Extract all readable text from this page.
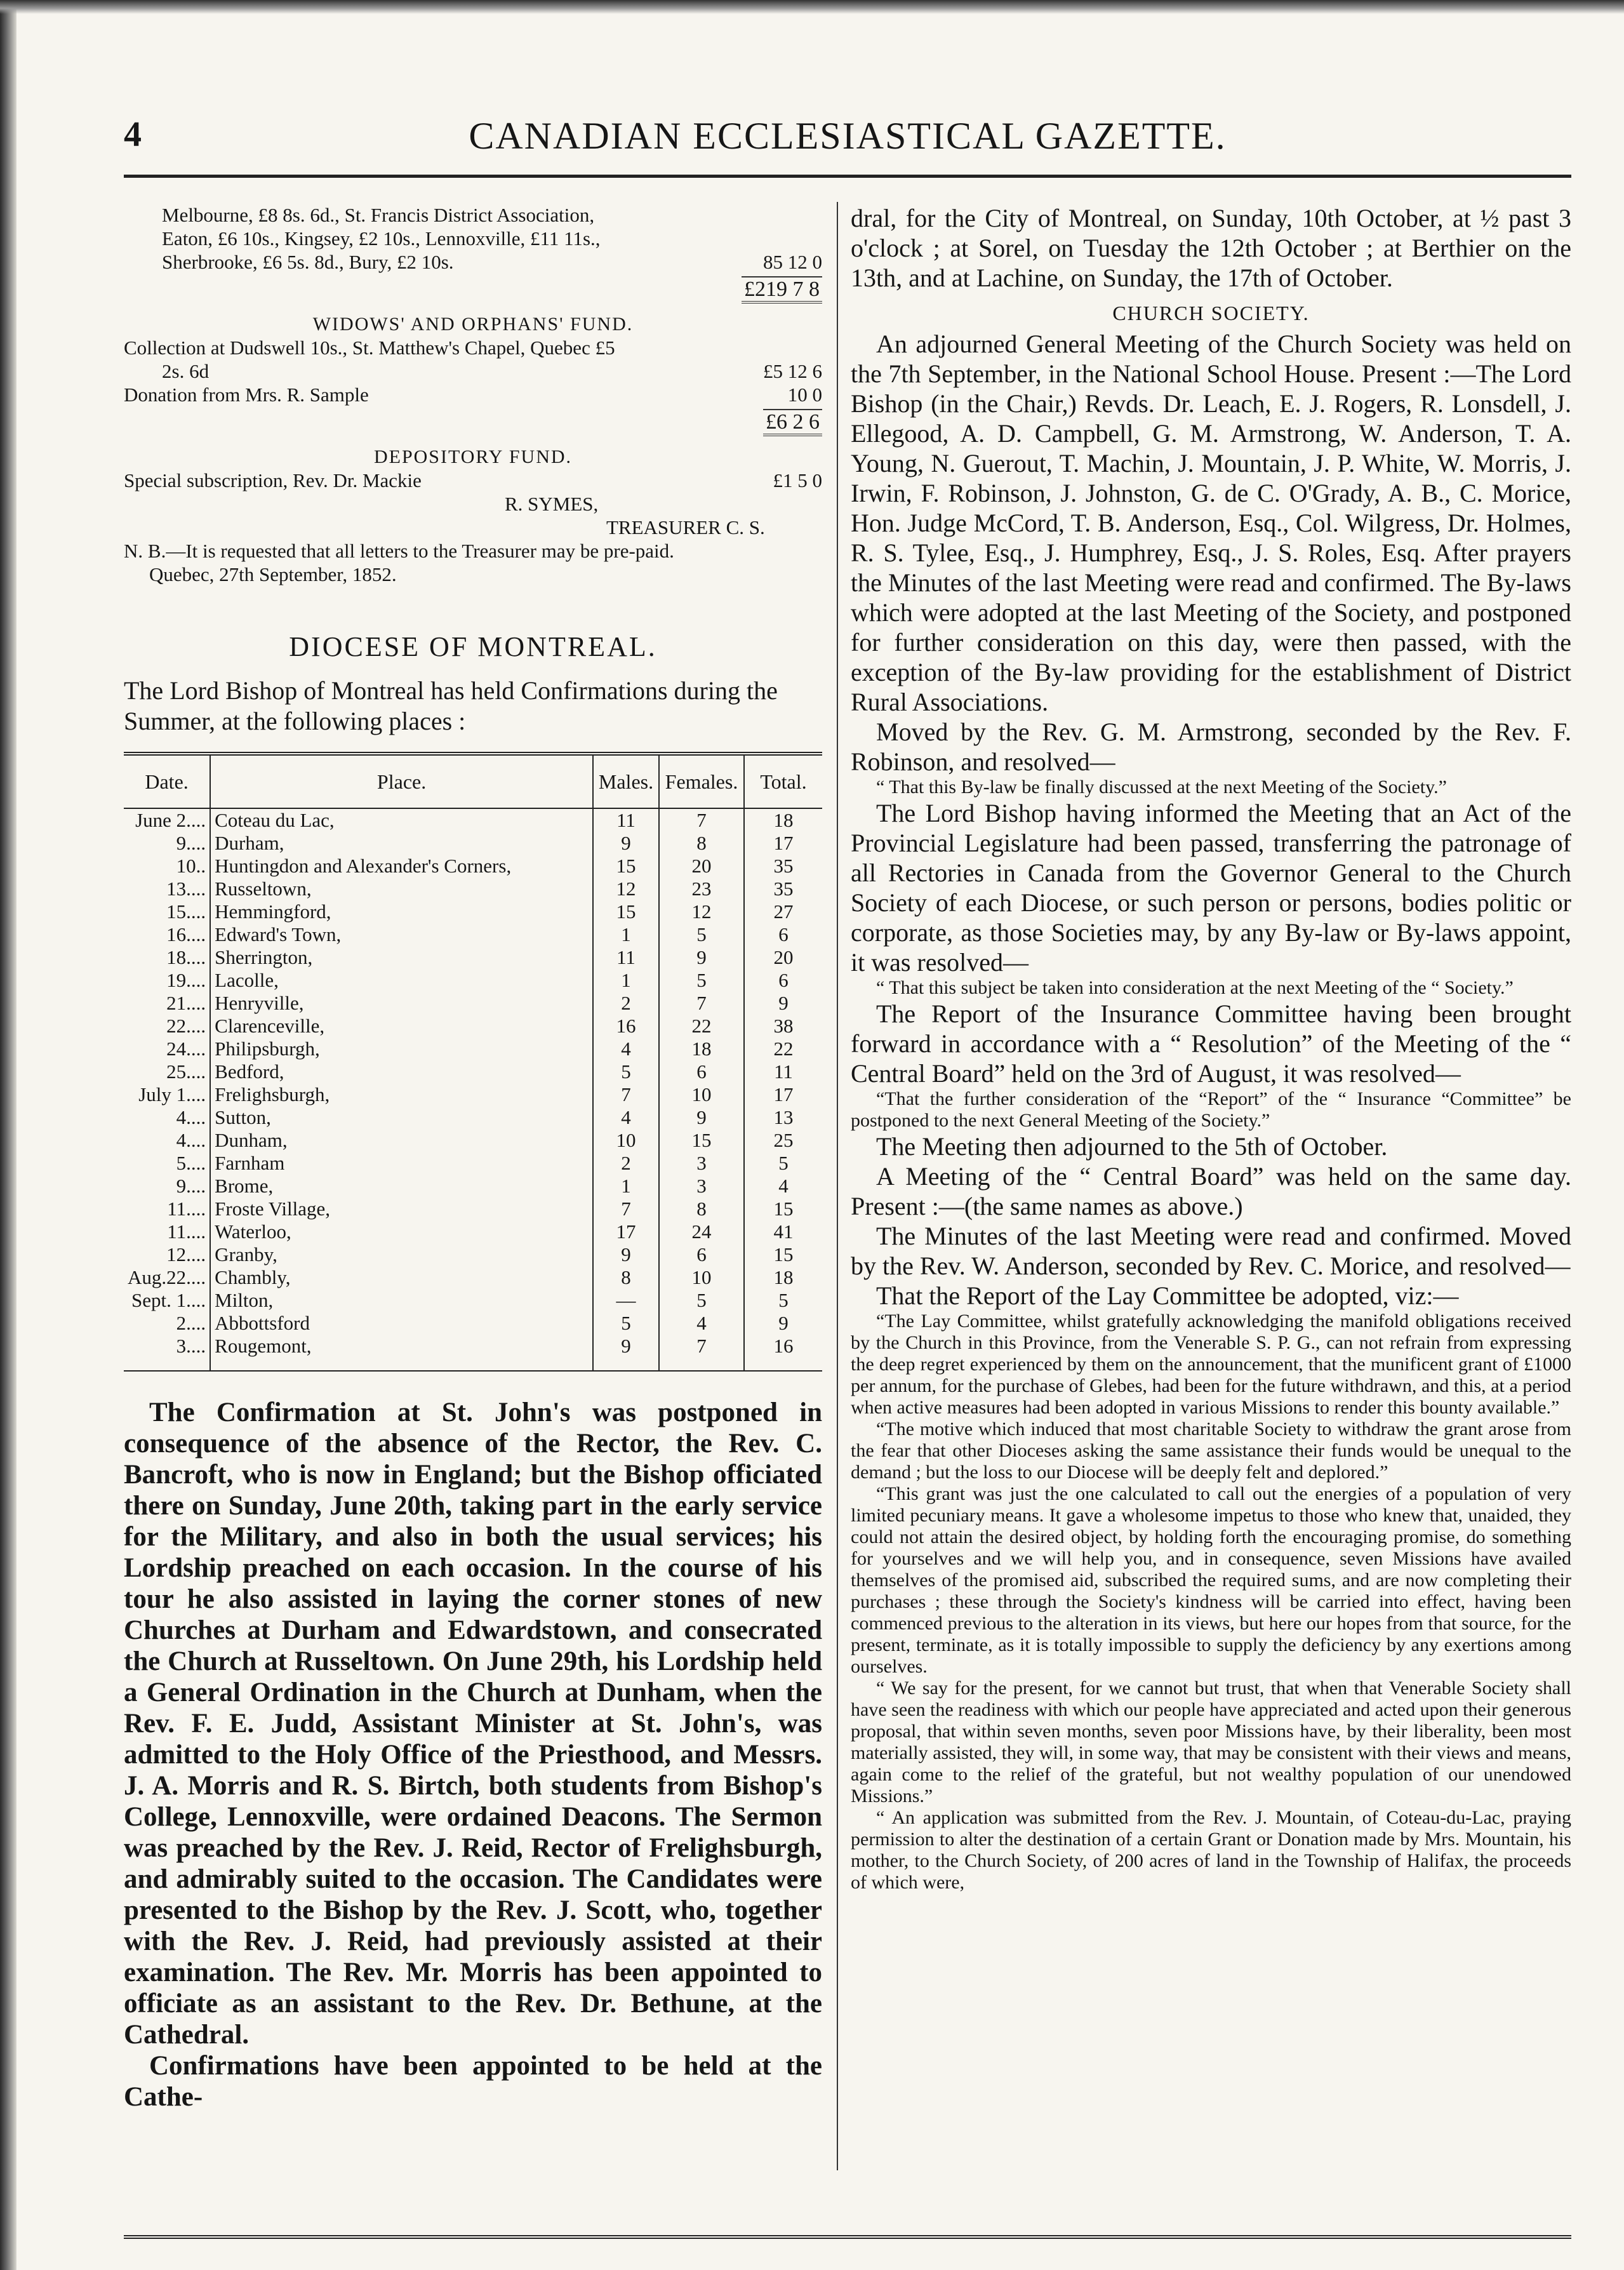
4	CANADIAN ECCLESIASTICAL GAZETTE.
Melbourne, £8 8s. 6d., St. Francis District Association,
Eaton, £6 10s., Kingsey, £2 10s., Lennoxville, £11 11s.,
Sherbrooke, £6 5s. 8d., Bury, £2 10s.	85 12 0
£219 7 8
WIDOWS' AND ORPHANS' FUND.
Collection at Dudswell 10s., St. Matthew's Chapel, Quebec £5
2s. 6d	£5 12 6
Donation from Mrs. R. Sample	10 0
£6 2 6
DEPOSITORY FUND.
Special subscription, Rev. Dr. Mackie	£1 5 0
R. SYMES,
TREASURER C. S.
N. B.—It is requested that all letters to the Treasurer may be pre-paid.
Quebec, 27th September, 1852.
DIOCESE OF MONTREAL.
The Lord Bishop of Montreal has held Confirmations during the Summer, at the following places :
Date.	Place.	Males.	Females.	Total.
June 2....	Coteau du Lac,	11	7	18
9....	Durham,	9	8	17
10..	Huntingdon and Alexander's Corners,	15	20	35
13....	Russeltown,	12	23	35
15....	Hemmingford,	15	12	27
16....	Edward's Town,	1	5	6
18....	Sherrington,	11	9	20
19....	Lacolle,	1	5	6
21....	Henryville,	2	7	9
22....	Clarenceville,	16	22	38
24....	Philipsburgh,	4	18	22
25....	Bedford,	5	6	11
July 1....	Frelighsburgh,	7	10	17
4....	Sutton,	4	9	13
4....	Dunham,	10	15	25
5....	Farnham	2	3	5
9....	Brome,	1	3	4
11....	Froste Village,	7	8	15
11....	Waterloo,	17	24	41
12....	Granby,	9	6	15
Aug.22....	Chambly,	8	10	18
Sept. 1....	Milton,	—	5	5
2....	Abbottsford	5	4	9
3....	Rougemont,	9	7	16
The Confirmation at St. John's was postponed in consequence of the absence of the Rector, the Rev. C. Bancroft, who is now in England; but the Bishop officiated there on Sunday, June 20th, taking part in the early service for the Military, and also in both the usual services; his Lordship preached on each occasion. In the course of his tour he also assisted in laying the corner stones of new Churches at Durham and Edwardstown, and consecrated the Church at Russeltown. On June 29th, his Lordship held a General Ordination in the Church at Dunham, when the Rev. F. E. Judd, Assistant Minister at St. John's, was admitted to the Holy Office of the Priesthood, and Messrs. J. A. Morris and R. S. Birtch, both students from Bishop's College, Lennoxville, were ordained Deacons. The Sermon was preached by the Rev. J. Reid, Rector of Frelighsburgh, and admirably suited to the occasion. The Candidates were presented to the Bishop by the Rev. J. Scott, who, together with the Rev. J. Reid, had previously assisted at their examination. The Rev. Mr. Morris has been appointed to officiate as an assistant to the Rev. Dr. Bethune, at the Cathedral.
Confirmations have been appointed to be held at the Cathe-
dral, for the City of Montreal, on Sunday, 10th October, at ½ past 3 o'clock ; at Sorel, on Tuesday the 12th October ; at Berthier on the 13th, and at Lachine, on Sunday, the 17th of October.
CHURCH SOCIETY.
An adjourned General Meeting of the Church Society was held on the 7th September, in the National School House. Present :—The Lord Bishop (in the Chair,) Revds. Dr. Leach, E. J. Rogers, R. Lonsdell, J. Ellegood, A. D. Campbell, G. M. Armstrong, W. Anderson, T. A. Young, N. Guerout, T. Machin, J. Mountain, J. P. White, W. Morris, J. Irwin, F. Robinson, J. Johnston, G. de C. O'Grady, A. B., C. Morice, Hon. Judge McCord, T. B. Anderson, Esq., Col. Wilgress, Dr. Holmes, R. S. Tylee, Esq., J. Humphrey, Esq., J. S. Roles, Esq. After prayers the Minutes of the last Meeting were read and confirmed. The By-laws which were adopted at the last Meeting of the Society, and postponed for further consideration on this day, were then passed, with the exception of the By-law providing for the establishment of District Rural Associations.
Moved by the Rev. G. M. Armstrong, seconded by the Rev. F. Robinson, and resolved—
“ That this By-law be finally discussed at the next Meeting of the Society.”
The Lord Bishop having informed the Meeting that an Act of the Provincial Legislature had been passed, transferring the patronage of all Rectories in Canada from the Governor General to the Church Society of each Diocese, or such person or persons, bodies politic or corporate, as those Societies may, by any By-law or By-laws appoint, it was resolved—
“ That this subject be taken into consideration at the next Meeting of the “ Society.”
The Report of the Insurance Committee having been brought forward in accordance with a “ Resolution” of the Meeting of the “ Central Board” held on the 3rd of August, it was resolved—
“That the further consideration of the “Report” of the “ Insurance “Committee” be postponed to the next General Meeting of the Society.”
The Meeting then adjourned to the 5th of October.
A Meeting of the “ Central Board” was held on the same day. Present :—(the same names as above.)
The Minutes of the last Meeting were read and confirmed. Moved by the Rev. W. Anderson, seconded by Rev. C. Morice, and resolved—
That the Report of the Lay Committee be adopted, viz:—
“The Lay Committee, whilst gratefully acknowledging the manifold obligations received by the Church in this Province, from the Venerable S. P. G., can not refrain from expressing the deep regret experienced by them on the announcement, that the munificent grant of £1000 per annum, for the purchase of Glebes, had been for the future withdrawn, and this, at a period when active measures had been adopted in various Missions to render this bounty available.”
“The motive which induced that most charitable Society to withdraw the grant arose from the fear that other Dioceses asking the same assistance their funds would be unequal to the demand ; but the loss to our Diocese will be deeply felt and deplored.”
“This grant was just the one calculated to call out the energies of a population of very limited pecuniary means. It gave a wholesome impetus to those who knew that, unaided, they could not attain the desired object, by holding forth the encouraging promise, do something for yourselves and we will help you, and in consequence, seven Missions have availed themselves of the promised aid, subscribed the required sums, and are now completing their purchases ; these through the Society's kindness will be carried into effect, having been commenced previous to the alteration in its views, but here our hopes from that source, for the present, terminate, as it is totally impossible to supply the deficiency by any exertions among ourselves.
“ We say for the present, for we cannot but trust, that when that Venerable Society shall have seen the readiness with which our people have appreciated and acted upon their generous proposal, that within seven months, seven poor Missions have, by their liberality, been most materially assisted, they will, in some way, that may be consistent with their views and means, again come to the relief of the grateful, but not wealthy population of our unendowed Missions.”
“ An application was submitted from the Rev. J. Mountain, of Coteau-du-Lac, praying permission to alter the destination of a certain Grant or Donation made by Mrs. Mountain, his mother, to the Church Society, of 200 acres of land in the Township of Halifax, the proceeds of which were,
